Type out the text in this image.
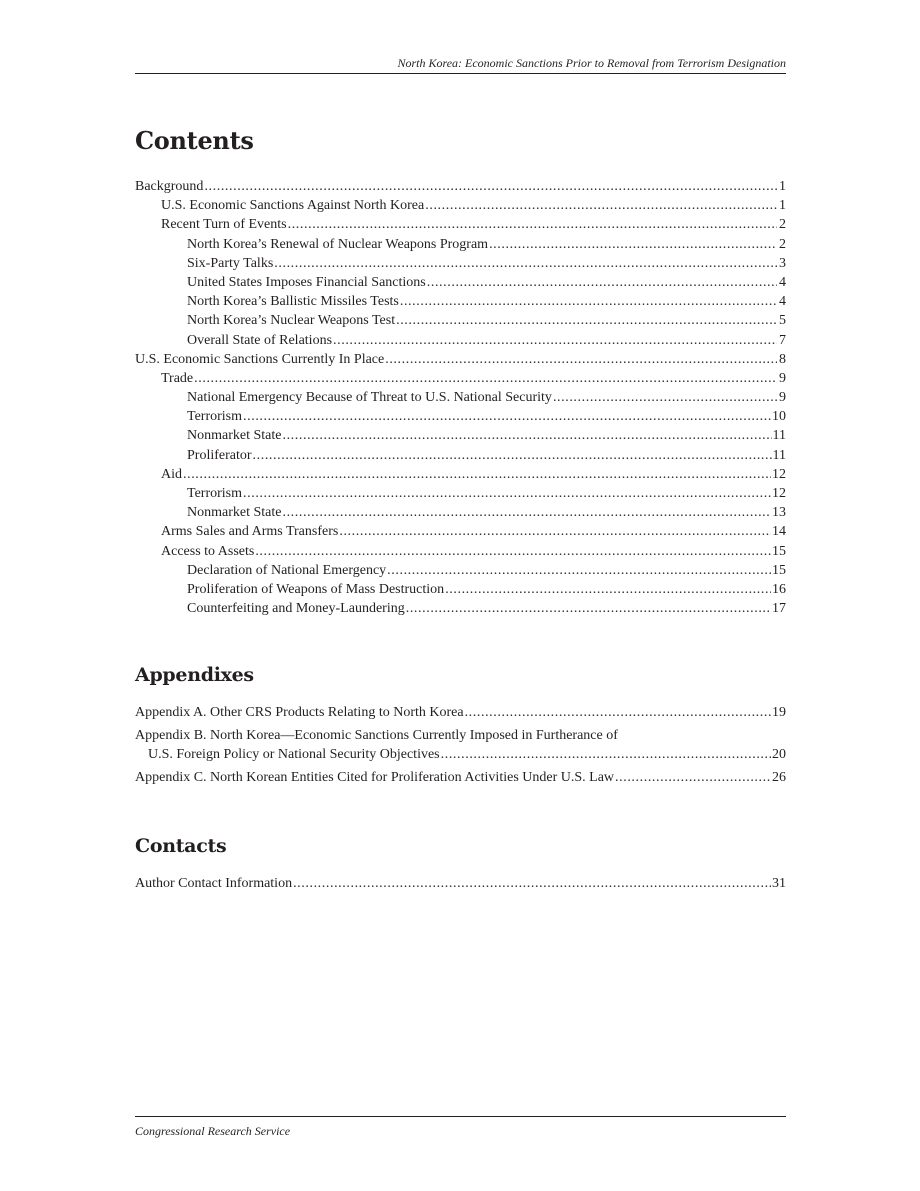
North Korea: Economic Sanctions Prior to Removal from Terrorism Designation
Contents
Background .....	1
U.S. Economic Sanctions Against North Korea .....	1
Recent Turn of Events .....	2
North Korea’s Renewal of Nuclear Weapons Program .....	2
Six-Party Talks .....	3
United States Imposes Financial Sanctions .....	4
North Korea’s Ballistic Missiles Tests .....	4
North Korea’s Nuclear Weapons Test .....	5
Overall State of Relations .....	7
U.S. Economic Sanctions Currently In Place .....	8
Trade .....	9
National Emergency Because of Threat to U.S. National Security .....	9
Terrorism .....	10
Nonmarket State .....	11
Proliferator .....	11
Aid .....	12
Terrorism .....	12
Nonmarket State .....	13
Arms Sales and Arms Transfers .....	14
Access to Assets .....	15
Declaration of National Emergency .....	15
Proliferation of Weapons of Mass Destruction .....	16
Counterfeiting and Money-Laundering .....	17
Appendixes
Appendix A. Other CRS Products Relating to North Korea .....	19
Appendix B. North Korea—Economic Sanctions Currently Imposed in Furtherance of
U.S. Foreign Policy or National Security Objectives .....	20
Appendix C. North Korean Entities Cited for Proliferation Activities Under U.S. Law .....	26
Contacts
Author Contact Information .....	31
Congressional Research Service
